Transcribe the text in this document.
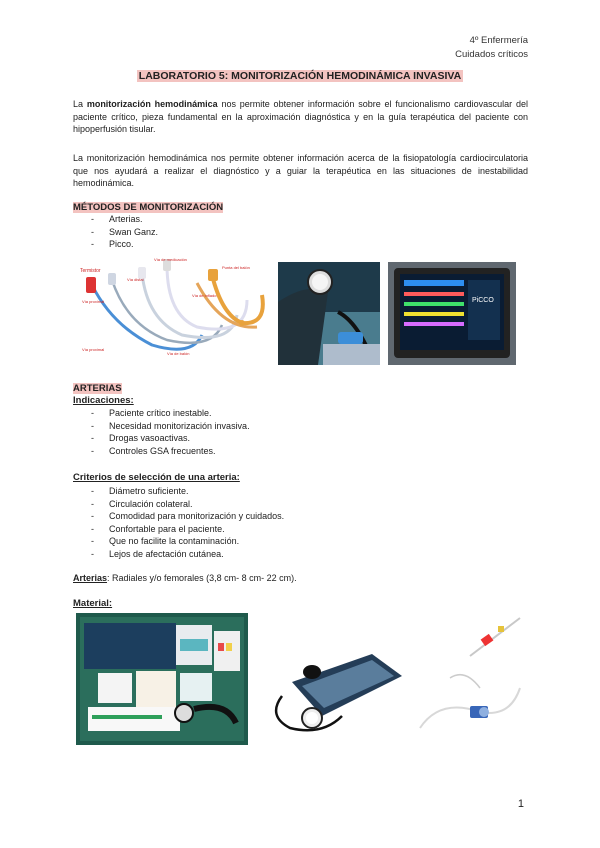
4º Enfermería
Cuidados críticos
LABORATORIO 5: MONITORIZACIÓN HEMODINÁMICA INVASIVA
La monitorización hemodinámica nos permite obtener información sobre el funcionalismo cardiovascular del paciente crítico, pieza fundamental en la aproximación diagnóstica y en la guía terapéutica del paciente con hipoperfusión tisular.
La monitorización hemodinámica nos permite obtener información acerca de la fisiopatología cardiocirculatoria que nos ayudará a realizar el diagnóstico y a guiar la terapéutica en las situaciones de inestabilidad hemodinámica.
MÉTODOS DE MONITORIZACIÓN
- Arterias.
- Swan Ganz.
- Picco.
Termistor
Vía proximal
Vía distal
Vía de inflado
Vía de medicación
Vía de balón
Punta del balón
Vía proximal
PiCCO
ARTERIAS
Indicaciones:
- Paciente crítico inestable.
- Necesidad monitorización invasiva.
- Drogas vasoactivas.
- Controles GSA frecuentes.
Criterios de selección de una arteria:
- Diámetro suficiente.
- Circulación colateral.
- Comodidad para monitorización y cuidados.
- Confortable para el paciente.
- Que no facilite la contaminación.
- Lejos de afectación cutánea.
Arterias: Radiales y/o femorales (3,8 cm- 8 cm- 22 cm).
Material:
1
